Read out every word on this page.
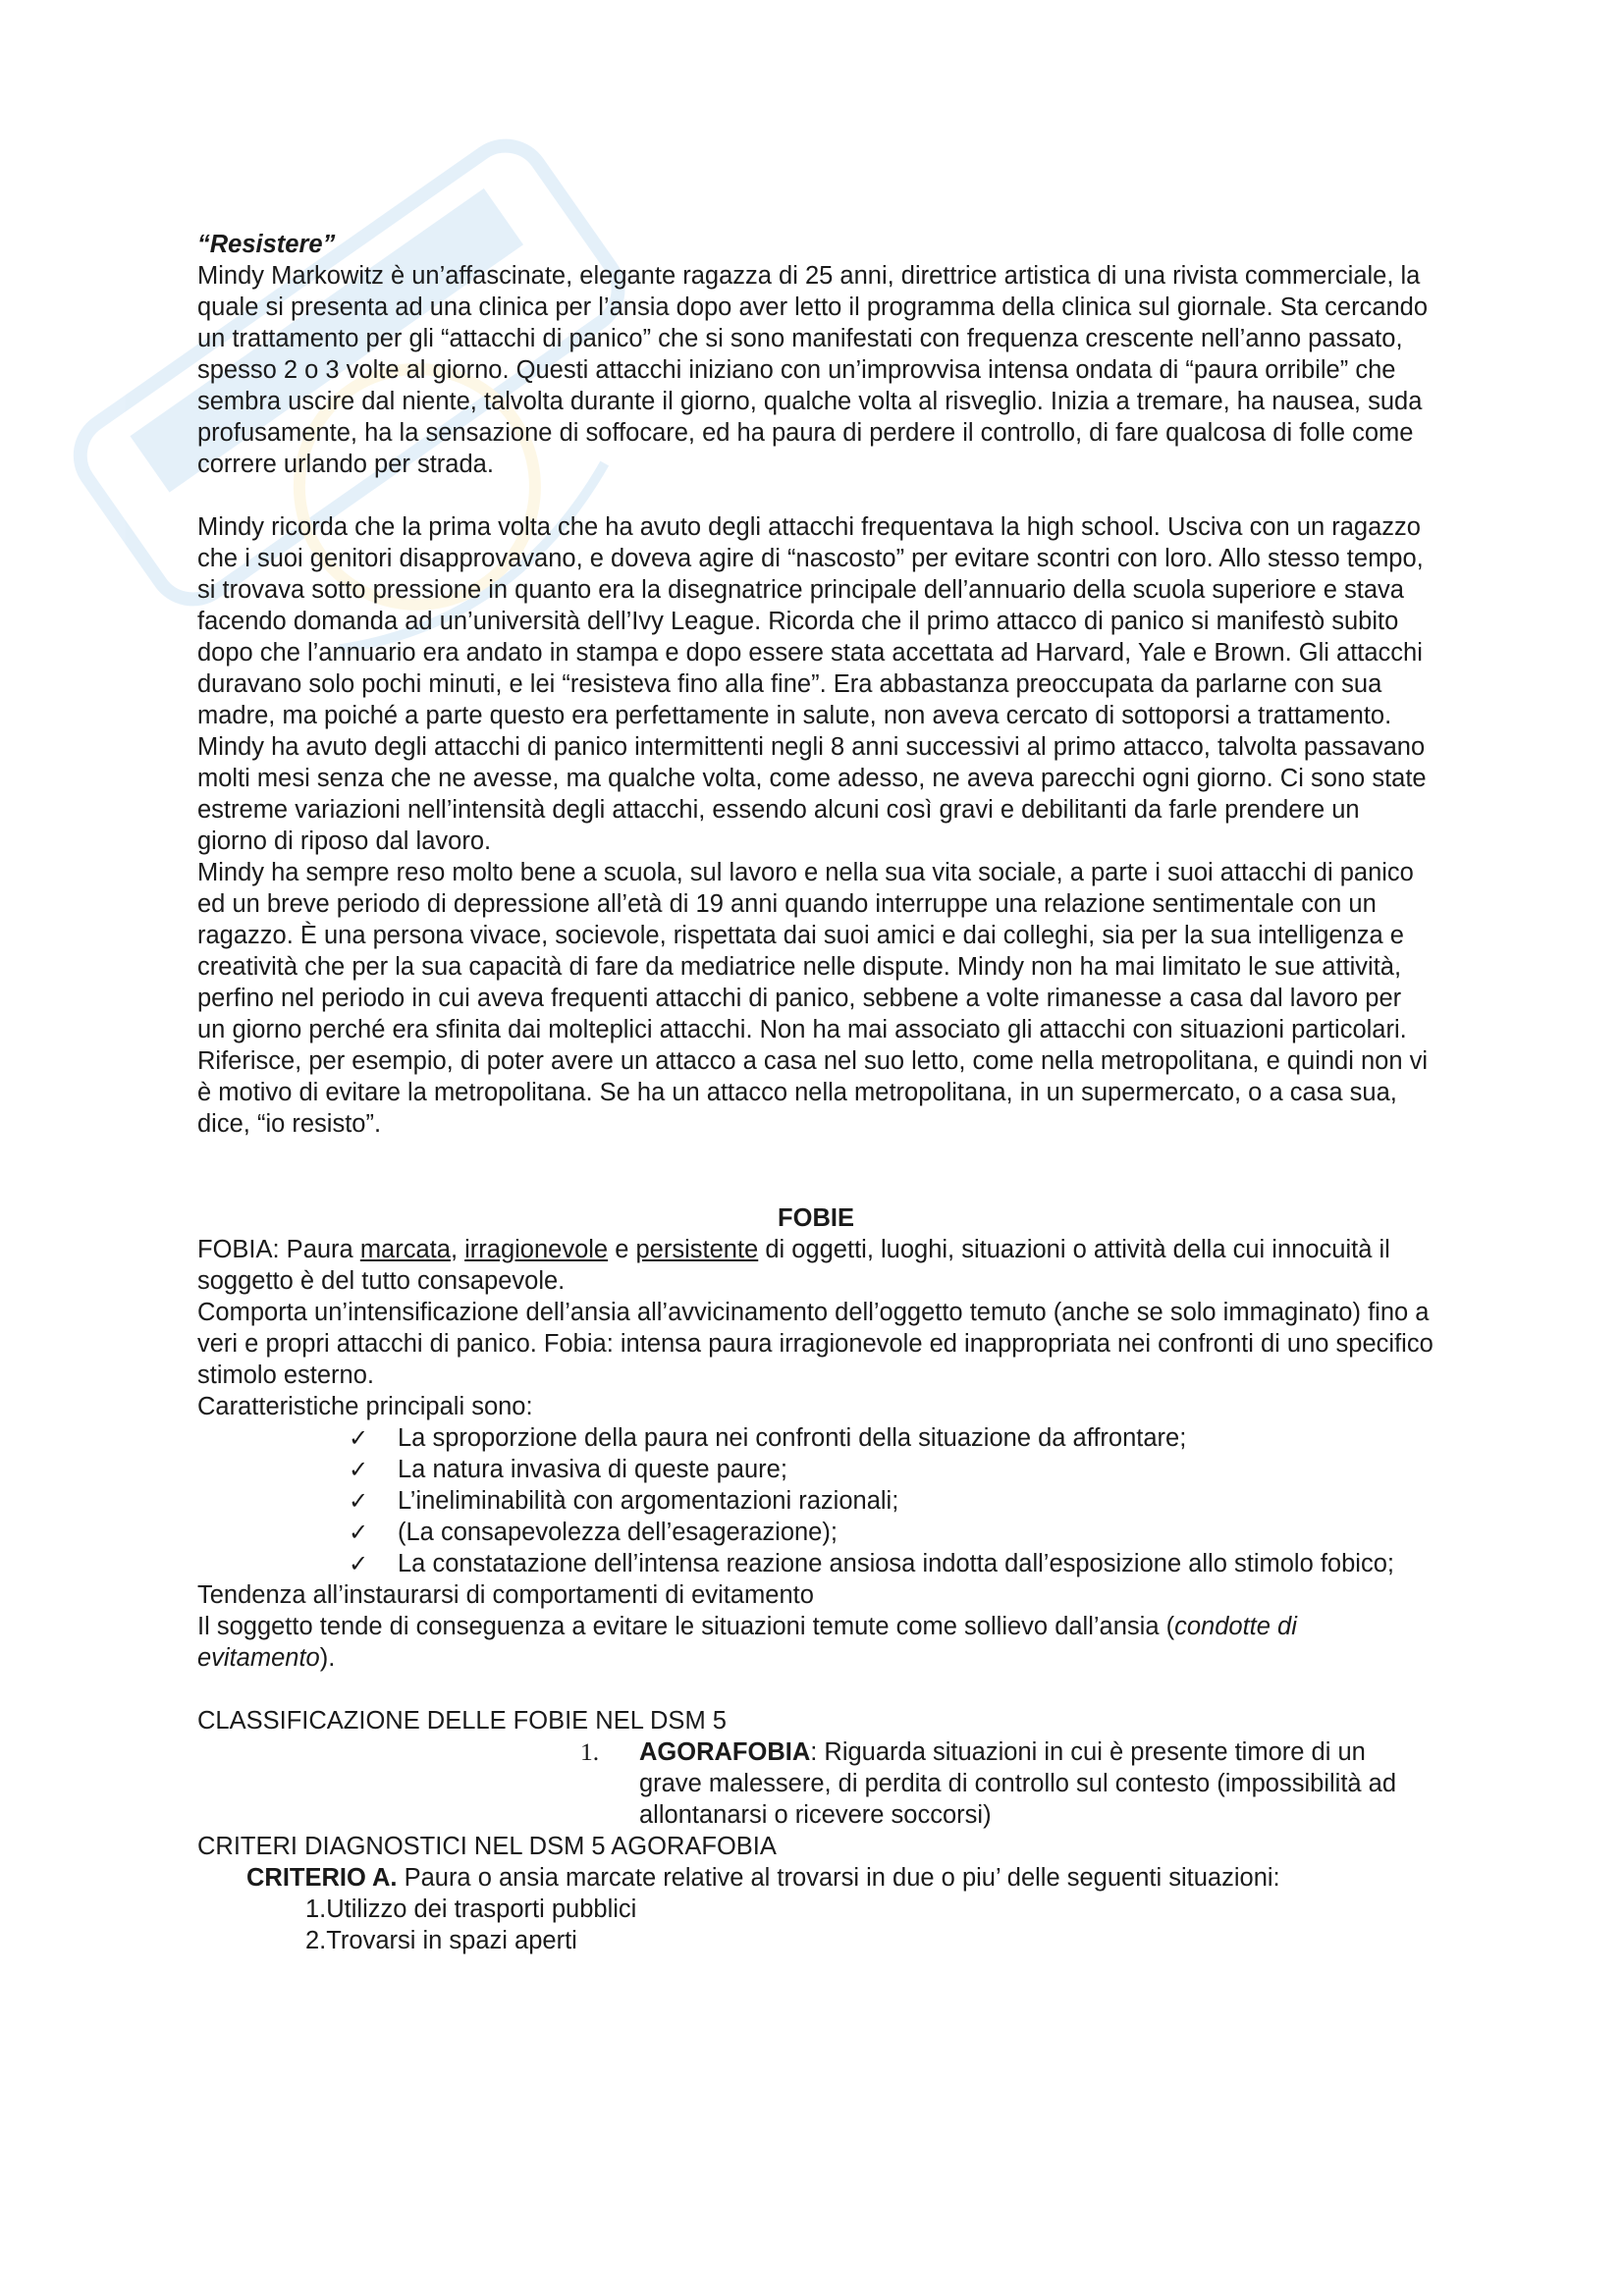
“Resistere”

Mindy Markowitz è un’affascinate, elegante ragazza di 25 anni, direttrice artistica di una rivista commerciale, la quale si presenta ad una clinica per l’ansia dopo aver letto il programma della clinica sul giornale. Sta cercando un trattamento per gli “attacchi di panico” che si sono manifestati con frequenza crescente nell’anno passato, spesso 2 o 3 volte al giorno. Questi attacchi iniziano con un’improvvisa intensa ondata di “paura orribile” che sembra uscire dal niente, talvolta durante il giorno, qualche volta al risveglio. Inizia a tremare, ha nausea, suda profusamente, ha la sensazione di soffocare, ed ha paura di perdere il controllo, di fare qualcosa di folle come correre urlando per strada.

Mindy ricorda che la prima volta che ha avuto degli attacchi frequentava la high school. Usciva con un ragazzo che i suoi genitori disapprovavano, e doveva agire di “nascosto” per evitare scontri con loro. Allo stesso tempo, si trovava sotto pressione in quanto era la disegnatrice principale dell’annuario della scuola superiore e stava facendo domanda ad un’università dell’Ivy League. Ricorda che il primo attacco di panico si manifestò subito dopo che l’annuario era andato in stampa e dopo essere stata accettata ad Harvard, Yale e Brown. Gli attacchi duravano solo pochi minuti, e lei “resisteva fino alla fine”. Era abbastanza preoccupata da parlarne con sua madre, ma poiché a parte questo era perfettamente in salute, non aveva cercato di sottoporsi a trattamento.

Mindy ha avuto degli attacchi di panico intermittenti negli 8 anni successivi al primo attacco, talvolta passavano molti mesi senza che ne avesse, ma qualche volta, come adesso, ne aveva parecchi ogni giorno. Ci sono state estreme variazioni nell’intensità degli attacchi, essendo alcuni così gravi e debilitanti da farle prendere un giorno di riposo dal lavoro.

Mindy ha sempre reso molto bene a scuola, sul lavoro e nella sua vita sociale, a parte i suoi attacchi di panico ed un breve periodo di depressione all’età di 19 anni quando interruppe una relazione sentimentale con un ragazzo. È una persona vivace, socievole, rispettata dai suoi amici e dai colleghi, sia per la sua intelligenza e creatività che per la sua capacità di fare da mediatrice nelle dispute. Mindy non ha mai limitato le sue attività, perfino nel periodo in cui aveva frequenti attacchi di panico, sebbene a volte rimanesse a casa dal lavoro per un giorno perché era sfinita dai molteplici attacchi. Non ha mai associato gli attacchi con situazioni particolari. Riferisce, per esempio, di poter avere un attacco a casa nel suo letto, come nella metropolitana, e quindi non vi è motivo di evitare la metropolitana. Se ha un attacco nella metropolitana, in un supermercato, o a casa sua, dice, “io resisto”.

FOBIE

FOBIA: Paura marcata, irragionevole e persistente di oggetti, luoghi, situazioni o attività della cui innocuità il soggetto è del tutto consapevole.

Comporta un’intensificazione dell’ansia all’avvicinamento dell’oggetto temuto (anche se solo immaginato) fino a veri e propri attacchi di panico. Fobia: intensa paura irragionevole ed inappropriata nei confronti di uno specifico stimolo esterno.

Caratteristiche principali sono:

✓ La sproporzione della paura nei confronti della situazione da affrontare;
✓ La natura invasiva di queste paure;
✓ L’ineliminabilità con argomentazioni razionali;
✓ (La consapevolezza dell’esagerazione);
✓ La constatazione dell’intensa reazione ansiosa indotta dall’esposizione allo stimolo fobico;

Tendenza all’instaurarsi di comportamenti di evitamento

Il soggetto tende di conseguenza a evitare le situazioni temute come sollievo dall’ansia (condotte di evitamento).

CLASSIFICAZIONE DELLE FOBIE NEL DSM 5

1. AGORAFOBIA: Riguarda situazioni in cui è presente timore di un grave malessere, di perdita di controllo sul contesto (impossibilità ad allontanarsi o ricevere soccorsi)

CRITERI DIAGNOSTICI NEL DSM 5 AGORAFOBIA

CRITERIO A. Paura o ansia marcate relative al trovarsi in due o piu’ delle seguenti situazioni:

1.Utilizzo dei trasporti pubblici

2.Trovarsi in spazi aperti
